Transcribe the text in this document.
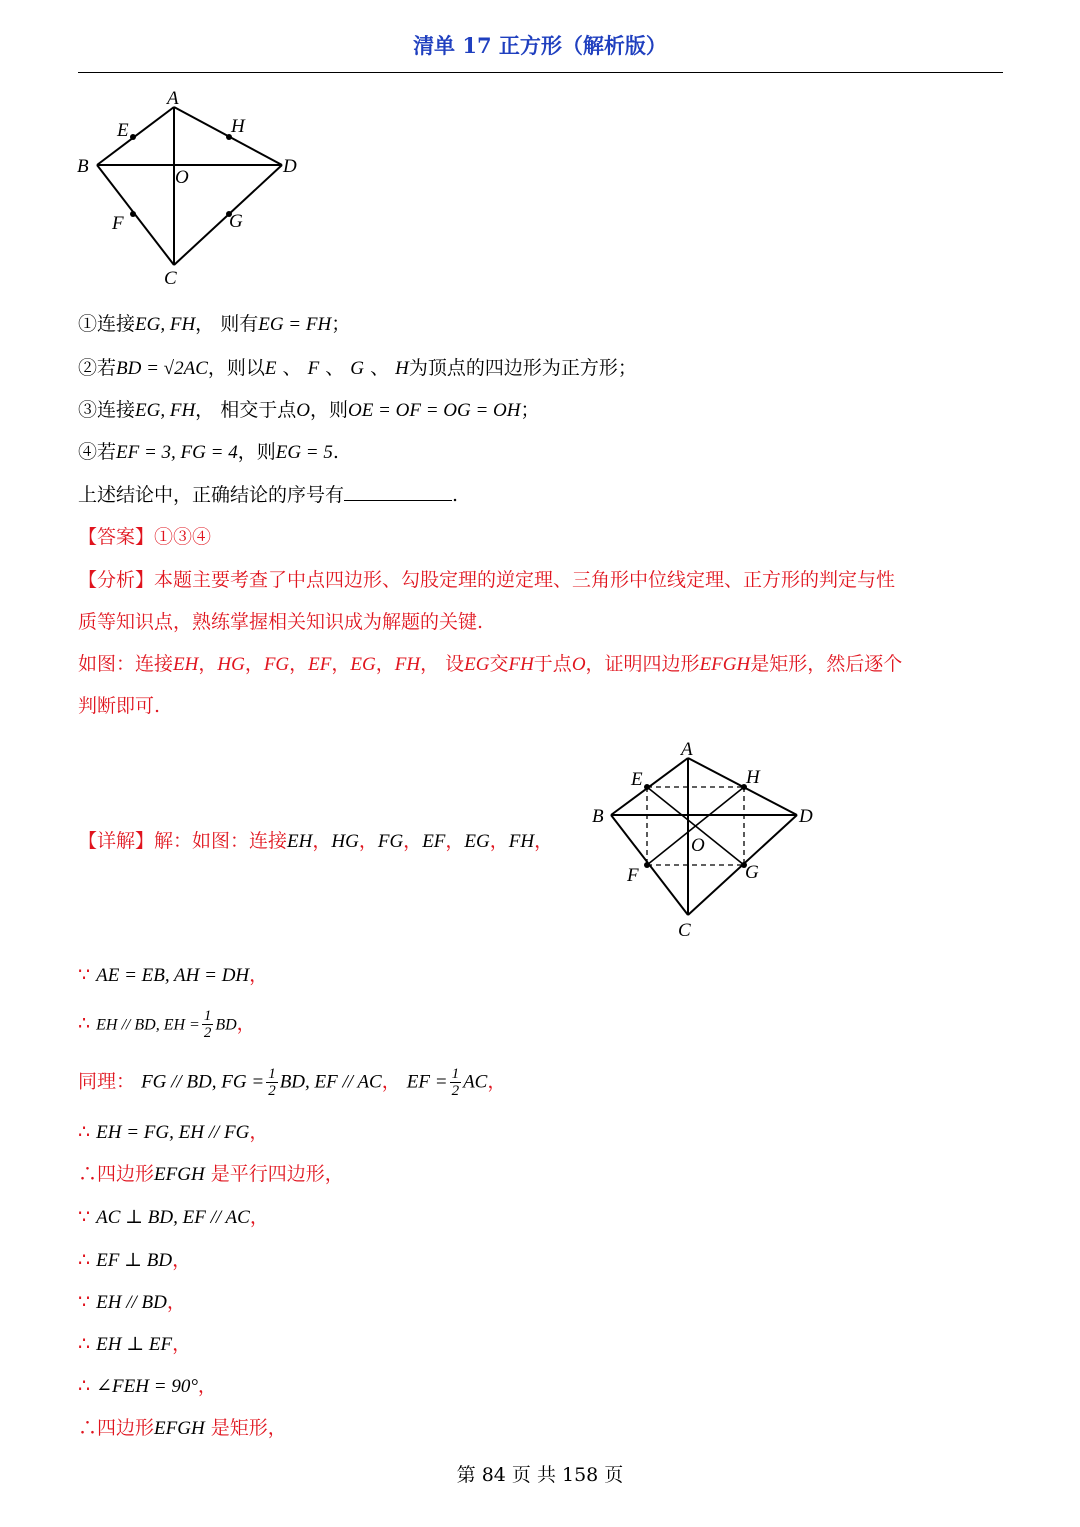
清单 17 正方形（解析版）
A
E	H
B
O
D
F	G
C
①连接EG, FH， 则有EG = FH；
②若BD = √2AC，则以E 、 F 、 G 、 H为顶点的四边形为正方形；
③连接EG, FH， 相交于点O，则OE = OF = OG = OH；
④若EF = 3, FG = 4，则EG = 5.
上述结论中，正确结论的序号有	.
【答案】①③④
【分析】本题主要考查了中点四边形、勾股定理的逆定理、三角形中位线定理、正方形的判定与性
质等知识点，熟练掌握相关知识成为解题的关键.
如图：连接EH，HG，FG，EF，EG，FH， 设EG交FH于点O，证明四边形EFGH是矩形，然后逐个
判断即可.
【详解】解：如图：连接EH，HG，FG，EF，EG，FH，
A
E	H
B	D
O
F	G
C
∵ AE = EB, AH = DH，
∴ EH // BD, EH = $\frac{1}{2}$ BD，
同理： FG // BD, FG = $\frac{1}{2}$ BD, EF // AC， EF = $\frac{1}{2}$ AC，
∴ EH = FG, EH // FG，
∴四边形EFGH 是平行四边形，
∵ AC ⊥ BD, EF // AC，
∴ EF ⊥ BD，
∵ EH // BD，
∴ EH ⊥ EF，
∴ ∠FEH = 90°，
∴四边形EFGH 是矩形，
第 84 页 共 158 页
